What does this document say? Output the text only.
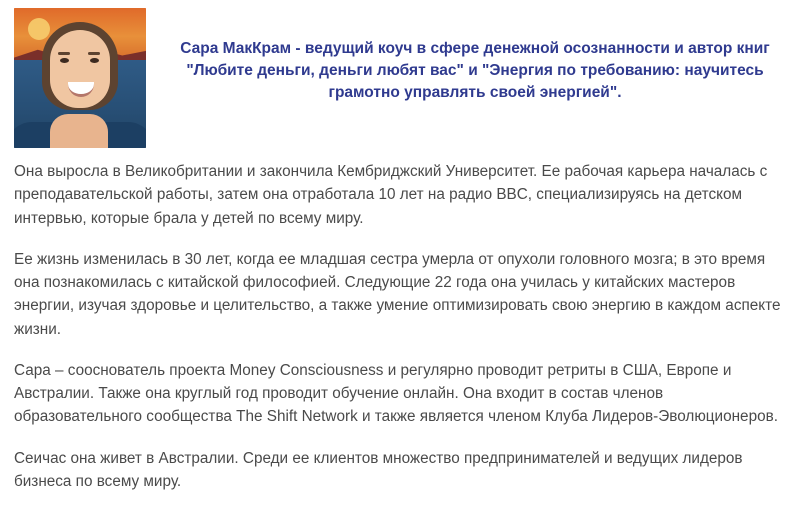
Сара МакКрам - ведущий коуч в сфере денежной осознанности и автор книг "Любите деньги, деньги любят вас" и "Энергия по требованию: научитесь грамотно управлять своей энергией".

Она выросла в Великобритании и закончила Кембриджский Университет. Ее рабочая карьера началась с преподавательской работы, затем она отработала 10 лет на радио BBC, специализируясь на детском интервью, которые брала у детей по всему миру.

Ее жизнь изменилась в 30 лет, когда ее младшая сестра умерла от опухоли головного мозга; в это время она познакомилась с китайской философией. Следующие 22 года она училась у китайских мастеров энергии, изучая здоровье и целительство, а также умение оптимизировать свою энергию в каждом аспекте жизни.

Сара – сооснователь проекта Money Consciousness и регулярно проводит ретриты в США, Европе и Австралии. Также она круглый год проводит обучение онлайн. Она входит в состав членов образовательного сообщества The Shift Network и также является членом Клуба Лидеров-Эволюционеров.

Сеичас она живет в Австралии. Среди ее клиентов множество предпринимателей и ведущих лидеров бизнеса по всему миру.
